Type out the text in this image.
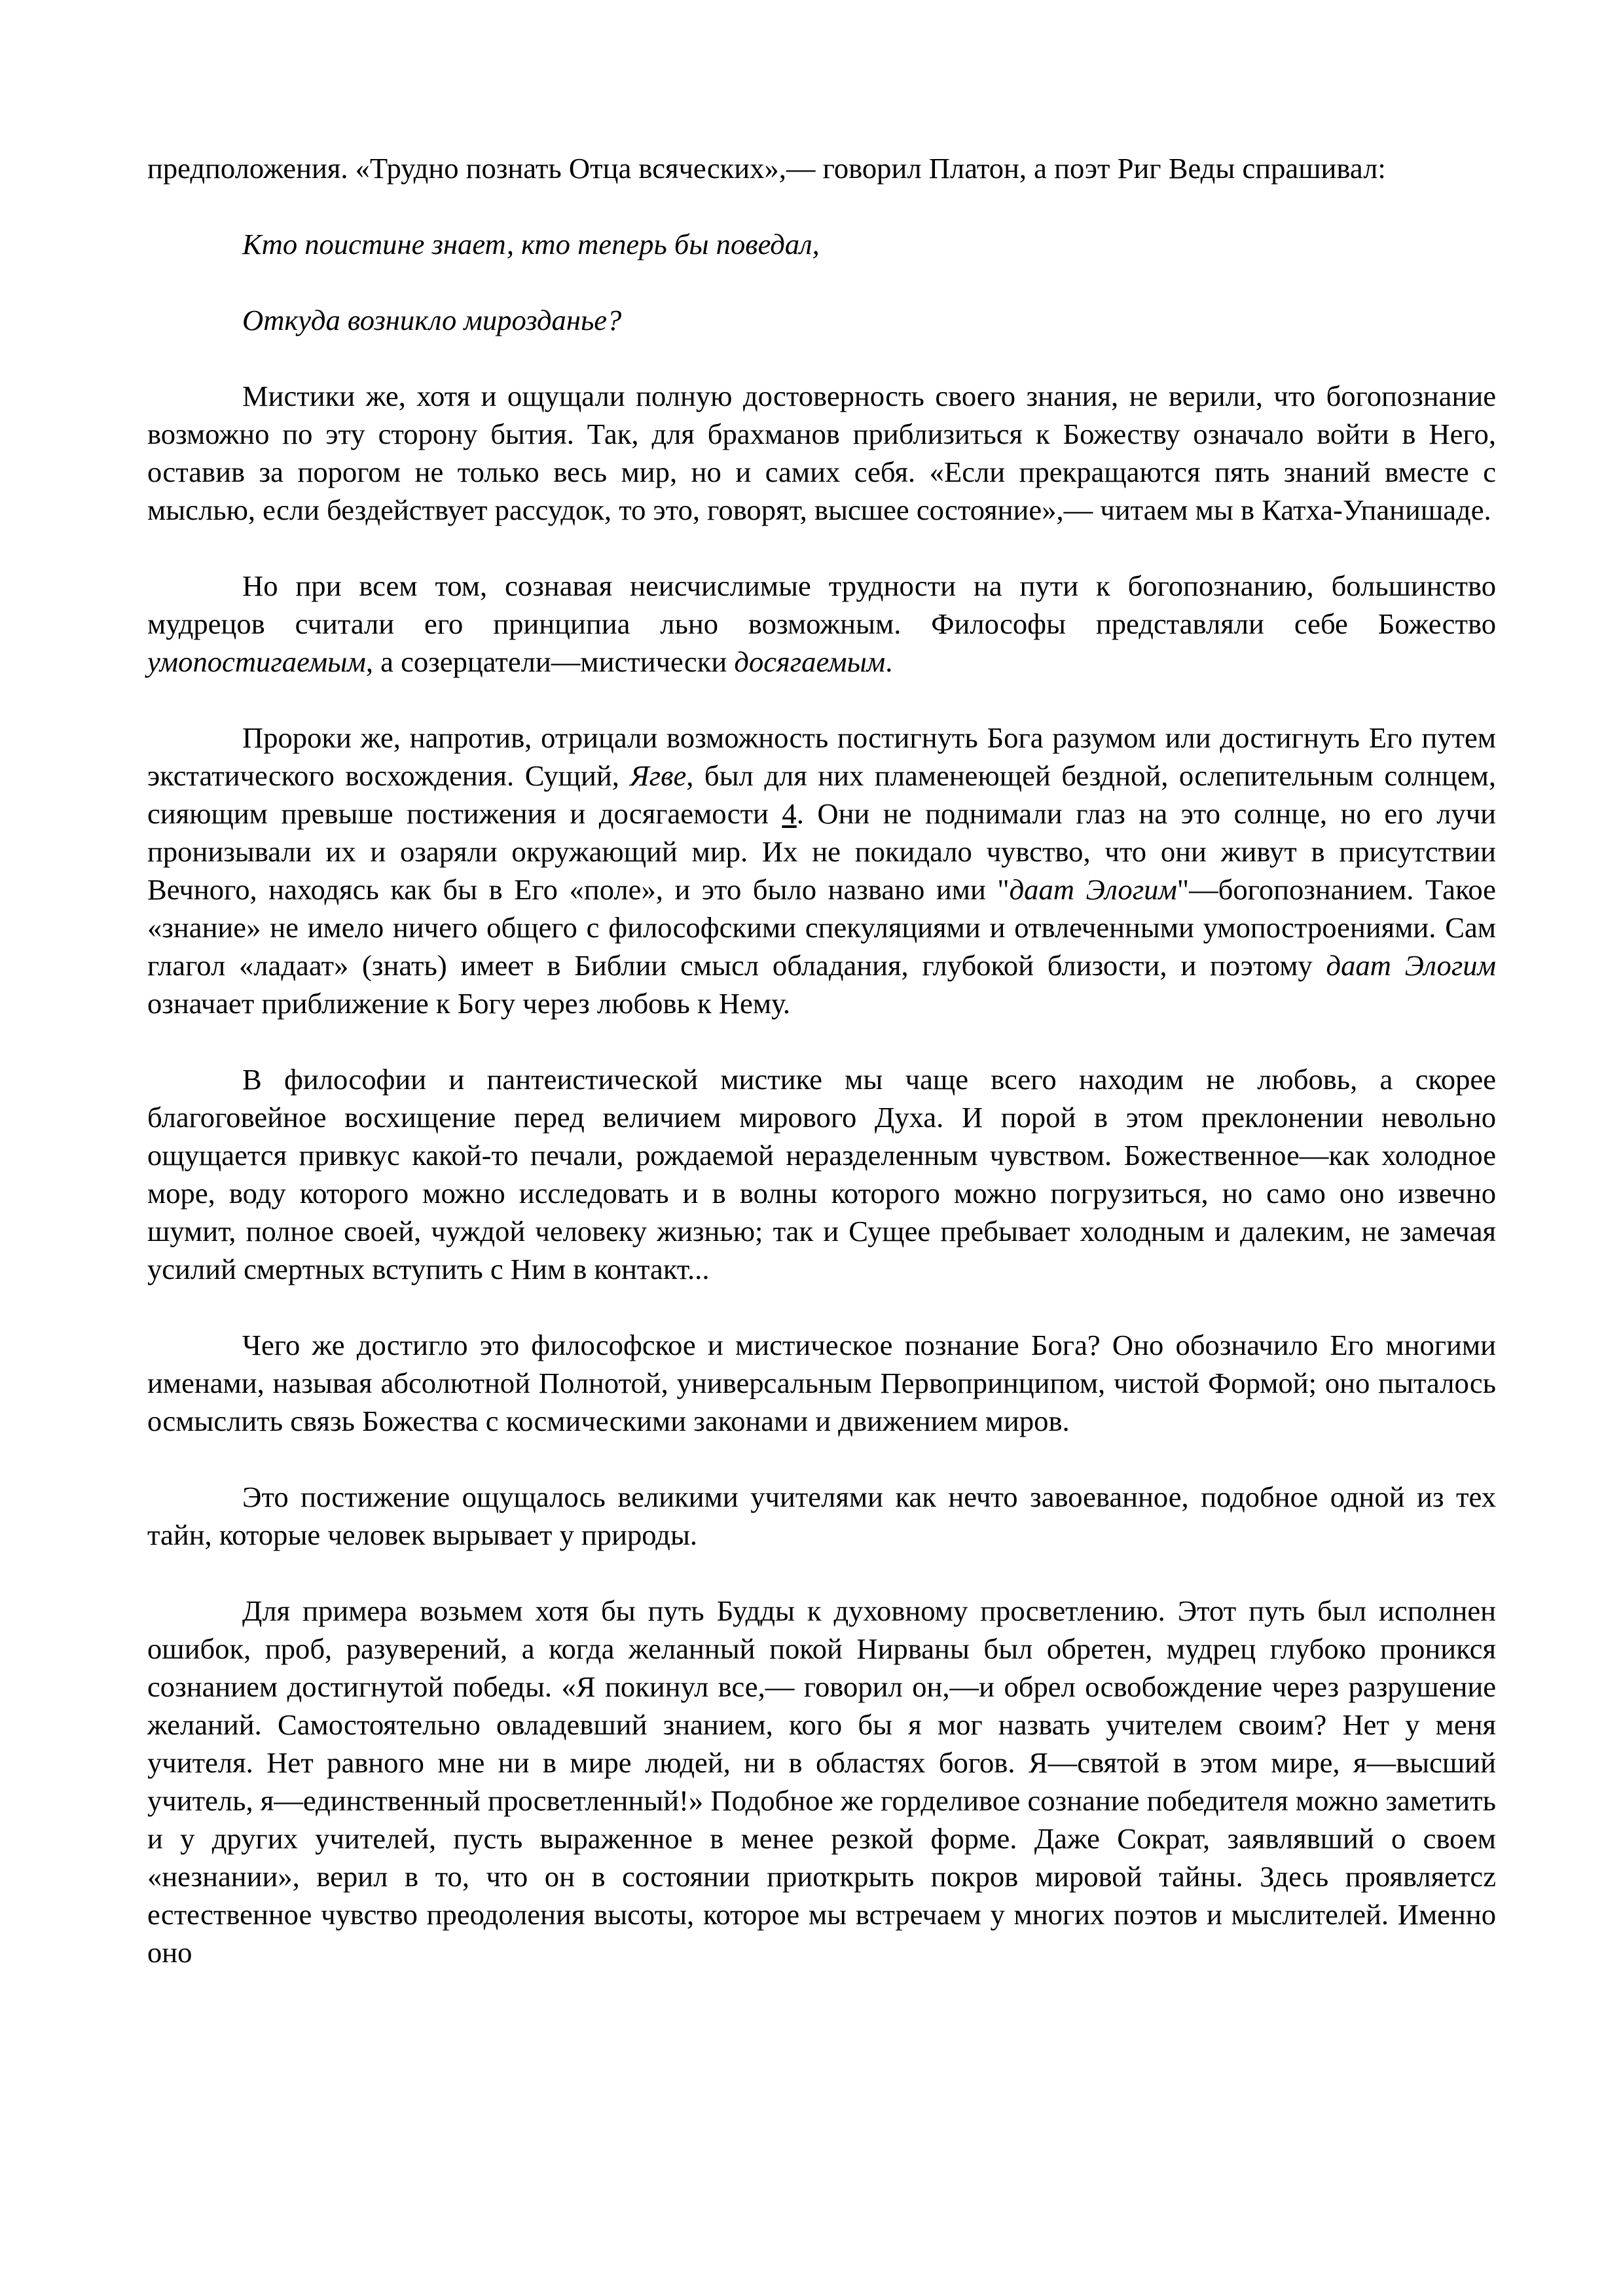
предположения. «Трудно познать Отца всяческих»,— говорил Платон, а поэт Риг Веды спрашивал:

Кто поистине знает, кто теперь бы поведал,

Откуда возникло мирозданье?

Мистики же, хотя и ощущали полную достоверность своего знания, не верили, что богопознание возможно по эту сторону бытия. Так, для брахманов приблизиться к Божеству означало войти в Него, оставив за порогом не только весь мир, но и самих себя. «Если прекращаются пять знаний вместе с мыслью, если бездействует рассудок, то это, говорят, высшее состояние»,— читаем мы в Катха-Упанишаде.

Но при всем том, сознавая неисчислимые трудности на пути к богопознанию, большинство мудрецов считали его принципиа льно возможным. Философы представляли себе Божество умопостигаемым, а созерцатели—мистически досягаемым.

Пророки же, напротив, отрицали возможность постигнуть Бога разумом или достигнуть Его путем экстатического восхождения. Сущий, Ягве, был для них пламенеющей бездной, ослепительным солнцем, сияющим превыше постижения и досягаемости 4. Они не поднимали глаз на это солнце, но его лучи пронизывали их и озаряли окружающий мир. Их не покидало чувство, что они живут в присутствии Вечного, находясь как бы в Его «поле», и это было названо ими "даат Элогим"—богопознанием. Такое «знание» не имело ничего общего с философскими спекуляциями и отвлеченными умопостроениями. Сам глагол «ладаат» (знать) имеет в Библии смысл обладания, глубокой близости, и поэтому даат Элогим означает приближение к Богу через любовь к Нему.

В философии и пантеистической мистике мы чаще всего находим не любовь, а скорее благоговейное восхищение перед величием мирового Духа. И порой в этом преклонении невольно ощущается привкус какой-то печали, рождаемой неразделенным чувством. Божественное—как холодное море, воду которого можно исследовать и в волны которого можно погрузиться, но само оно извечно шумит, полное своей, чуждой человеку жизнью; так и Сущее пребывает холодным и далеким, не замечая усилий смертных вступить с Ним в контакт...

Чего же достигло это философское и мистическое познание Бога? Оно обозначило Его многими именами, называя абсолютной Полнотой, универсальным Первопринципом, чистой Формой; оно пыталось осмыслить связь Божества с космическими законами и движением миров.

Это постижение ощущалось великими учителями как нечто завоеванное, подобное одной из тех тайн, которые человек вырывает у природы.

Для примера возьмем хотя бы путь Будды к духовному просветлению. Этот путь был исполнен ошибок, проб, разуверений, а когда желанный покой Нирваны был обретен, мудрец глубоко проникся сознанием достигнутой победы. «Я покинул все,— говорил он,—и обрел освобождение через разрушение желаний. Самостоятельно овладевший знанием, кого бы я мог назвать учителем своим? Нет у меня учителя. Нет равного мне ни в мире людей, ни в областях богов. Я—святой в этом мире, я—высший учитель, я—единственный просветленный!» Подобное же горделивое сознание победителя можно заметить и у других учителей, пусть выраженное в менее резкой форме. Даже Сократ, заявлявший о своем «незнании», верил в то, что он в состоянии приоткрыть покров мировой тайны. Здесь проявляетcz естественное чувство преодоления высоты, которое мы встречаем у многих поэтов и мыслителей. Именно оно
